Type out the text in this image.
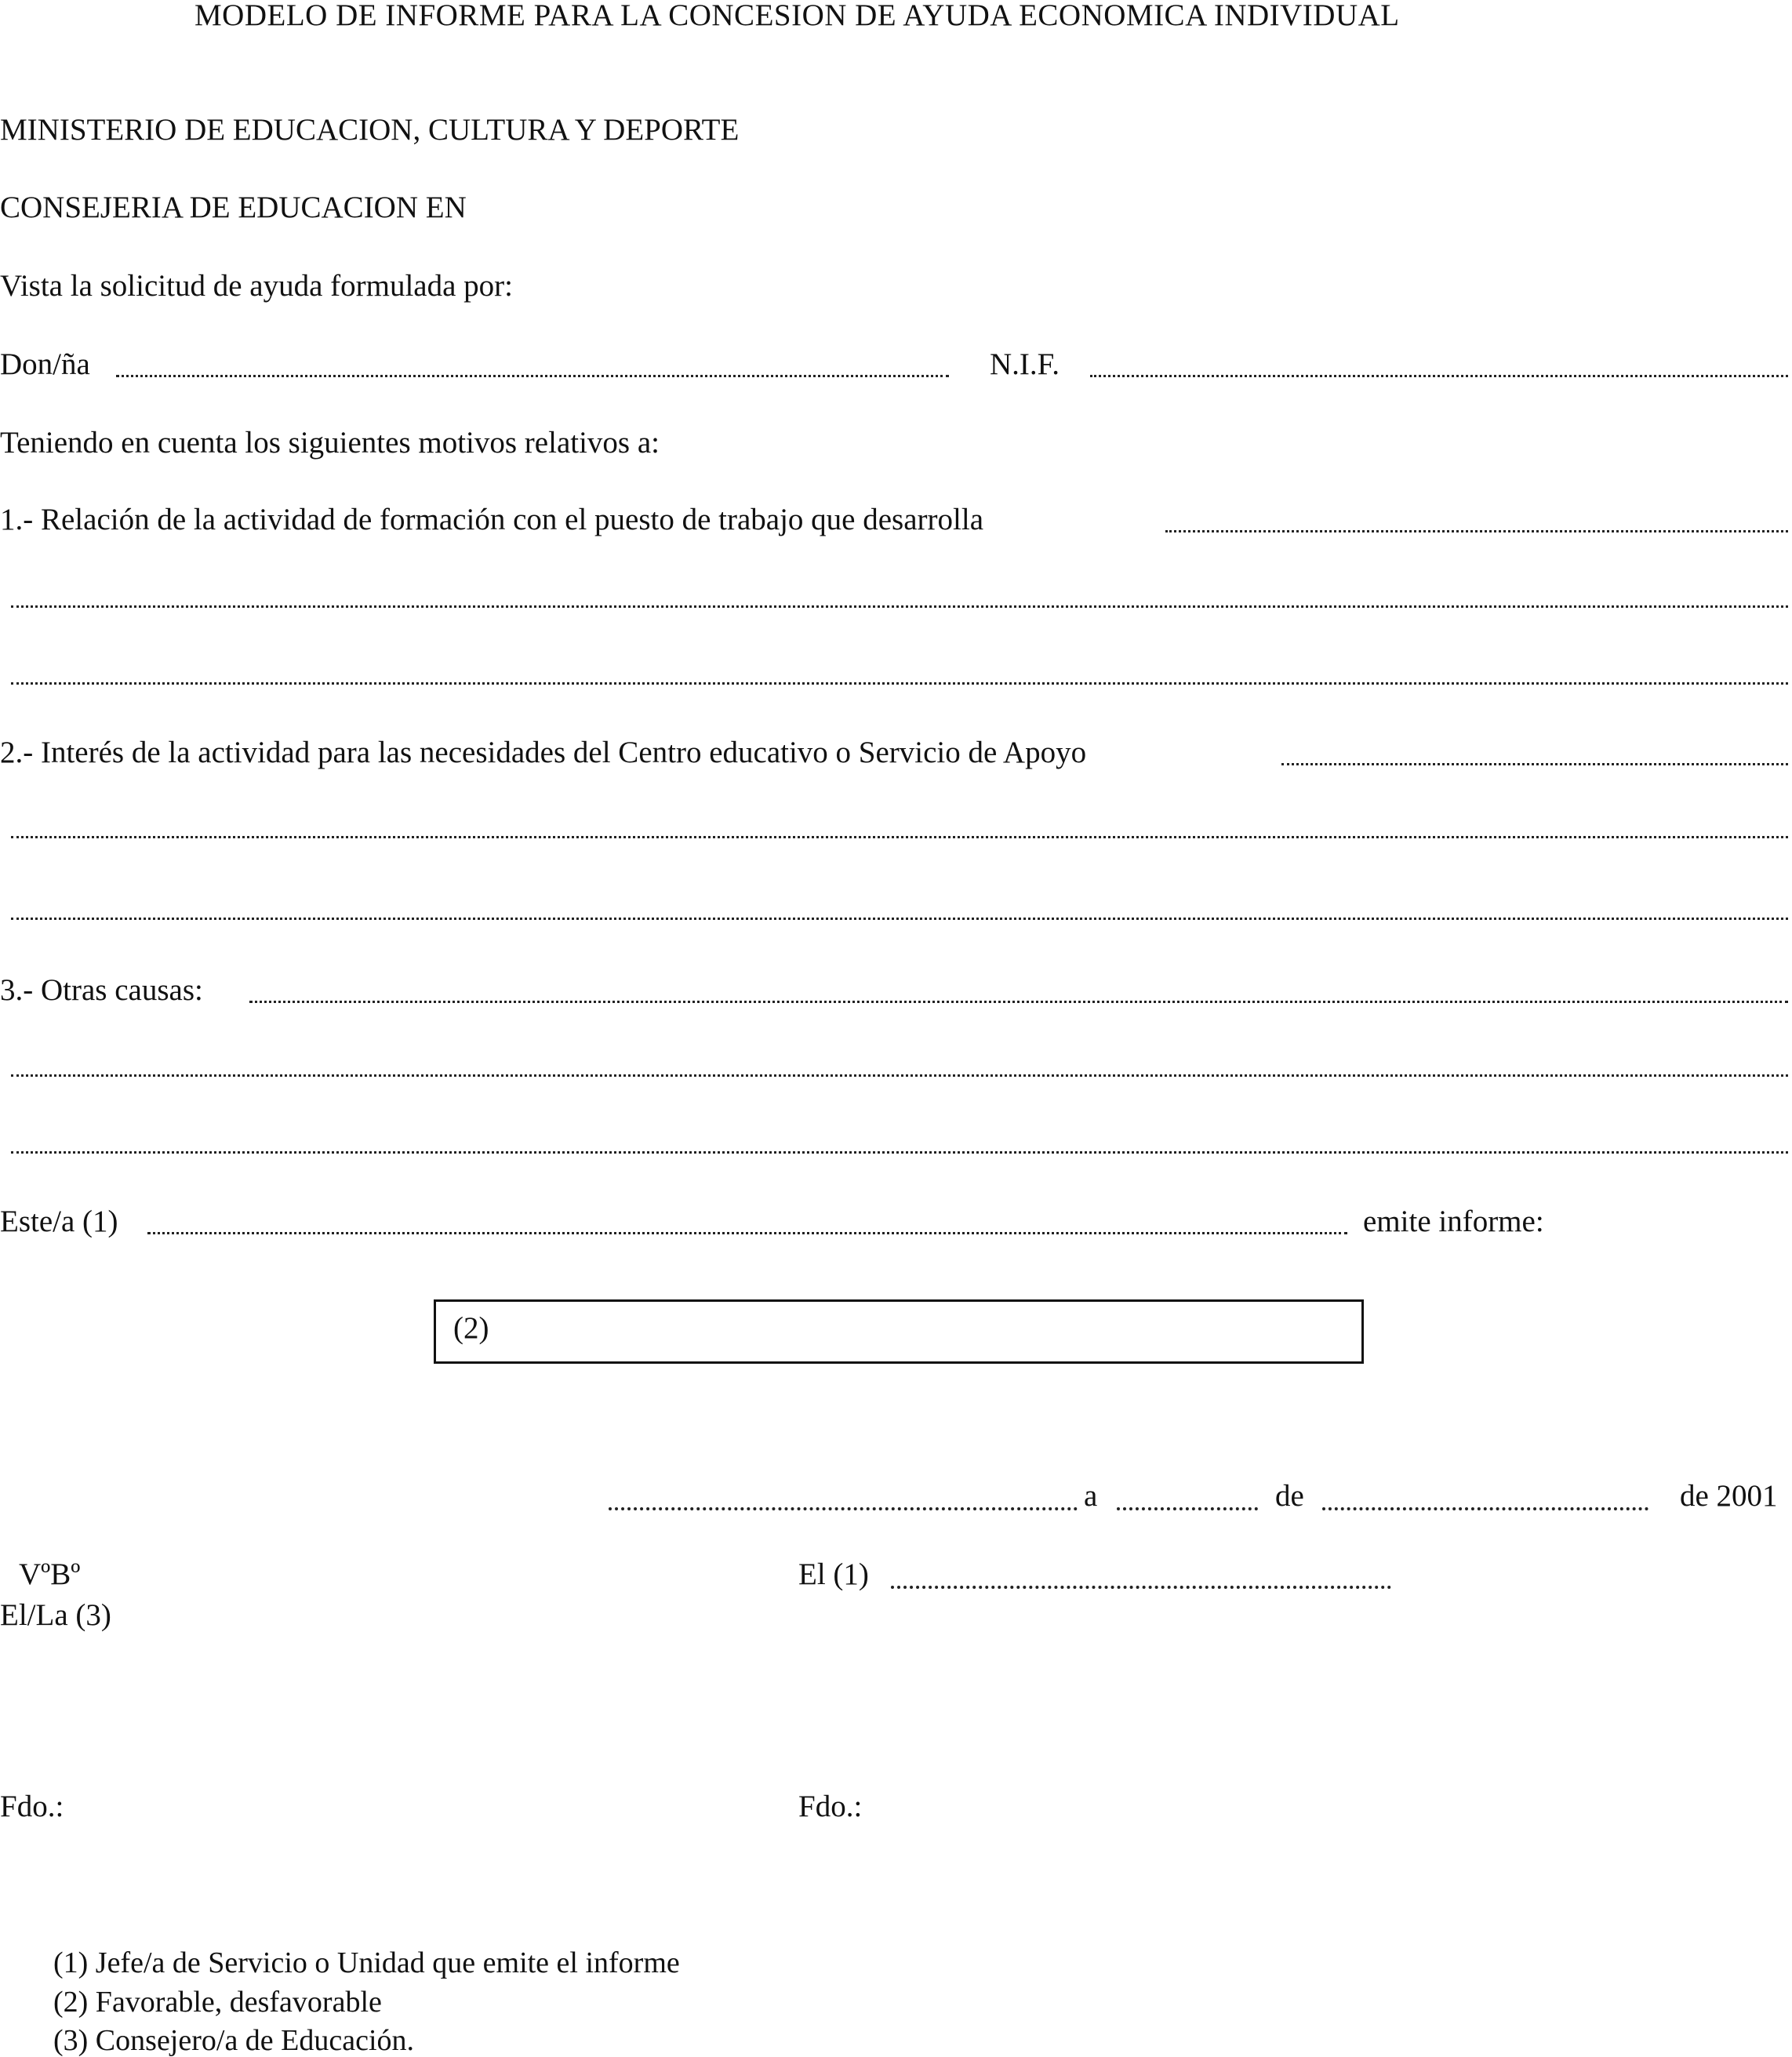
MODELO DE INFORME PARA LA CONCESION DE AYUDA ECONOMICA INDIVIDUAL
MINISTERIO DE EDUCACION, CULTURA Y DEPORTE
CONSEJERIA DE EDUCACION EN
Vista la solicitud de ayuda formulada por:
Don/ña	N.I.F.
Teniendo en cuenta los siguientes motivos relativos a:
1.- Relación de la actividad de formación con el puesto de trabajo que desarrolla
2.- Interés de la actividad para las necesidades del Centro educativo o Servicio de Apoyo
3.- Otras causas:
Este/a (1)	emite informe:
(2)
a	de	de 2001
VºBº
El/La (3)
El (1)
Fdo.:	Fdo.:
(1) Jefe/a de Servicio o Unidad que emite el informe
(2) Favorable, desfavorable
(3) Consejero/a de Educación.
